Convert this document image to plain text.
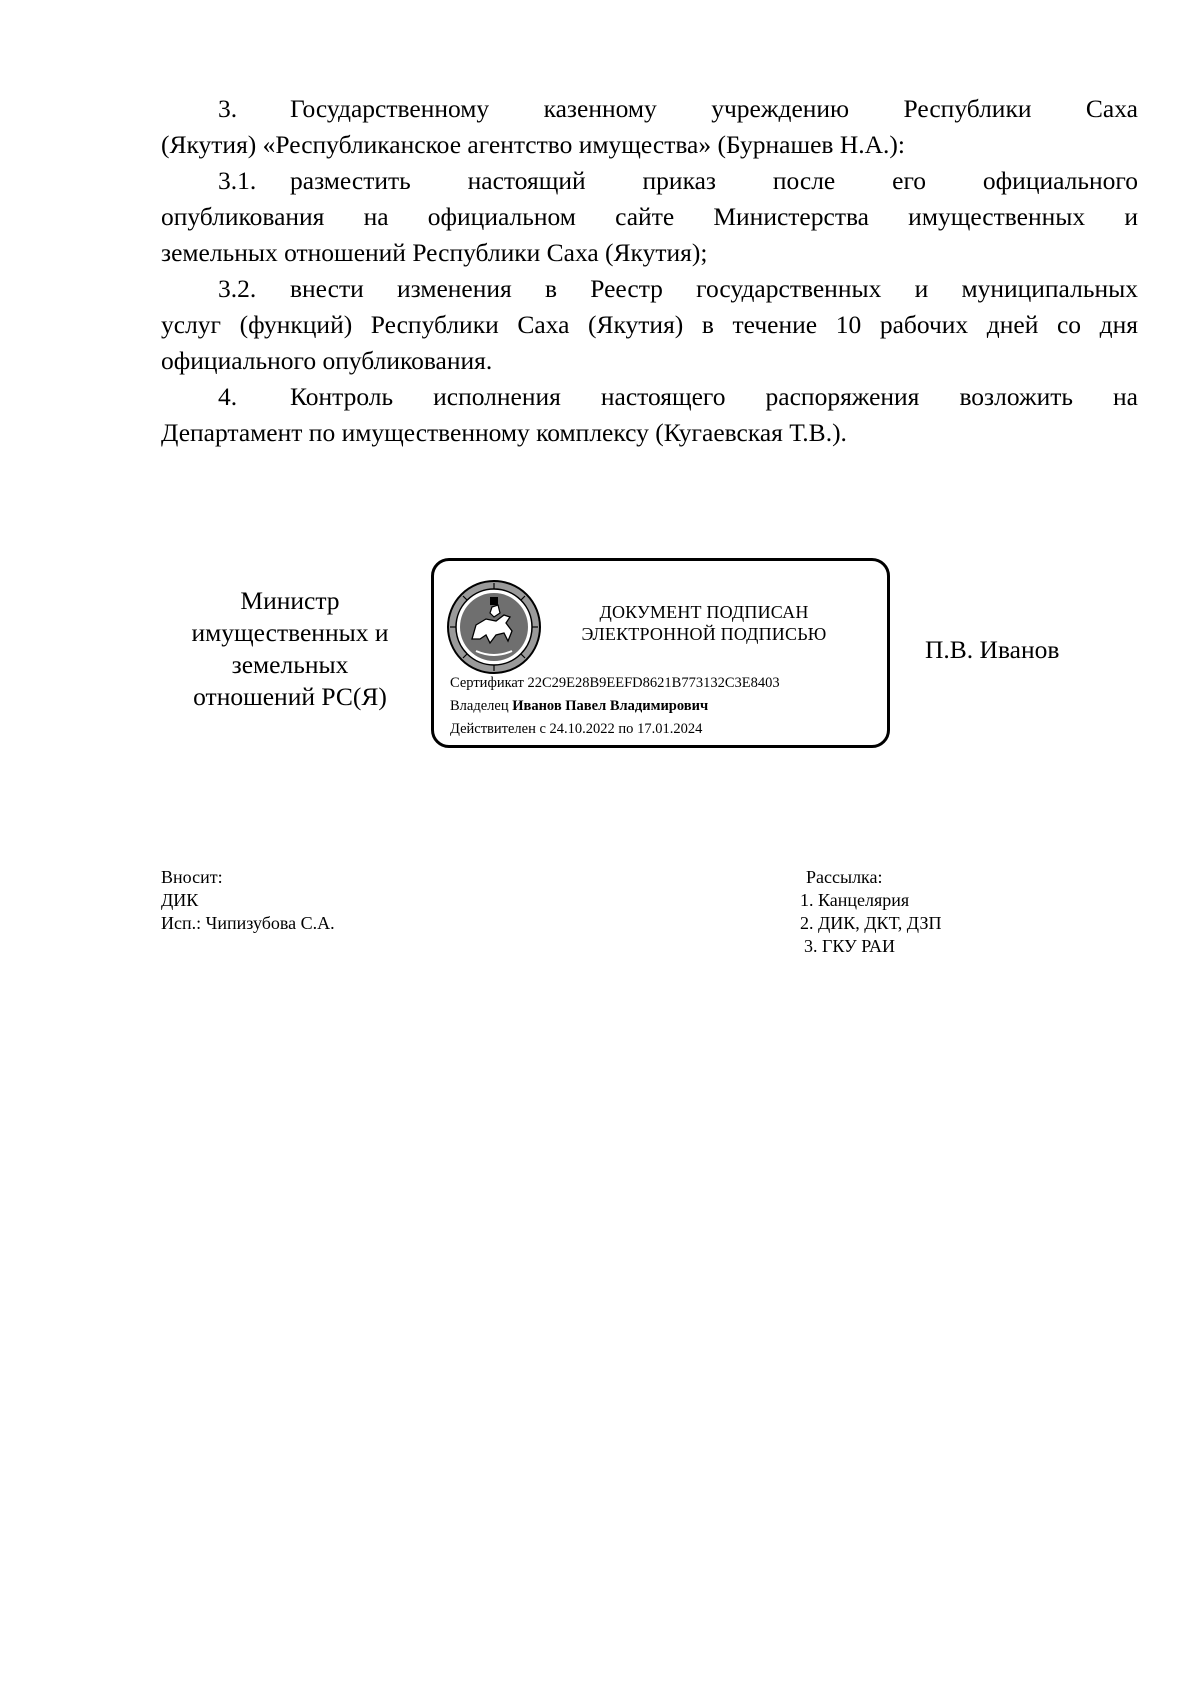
3. Государственному казенному учреждению Республики Саха
(Якутия) «Республиканское агентство имущества» (Бурнашев Н.А.):
3.1. разместить настоящий приказ после его официального
опубликования на официальном сайте Министерства имущественных и
земельных отношений Республики Саха (Якутия);
3.2. внести изменения в Реестр государственных и муниципальных
услуг (функций) Республики Саха (Якутия) в течение 10 рабочих дней со дня
официального опубликования.
4. Контроль исполнения настоящего распоряжения возложить на
Департамент по имущественному комплексу (Кугаевская Т.В.).
Министр
имущественных и
земельных
отношений РС(Я)
ДОКУМЕНТ ПОДПИСАН
ЭЛЕКТРОННОЙ ПОДПИСЬЮ
Сертификат 22C29E28B9EEFD8621B773132C3E8403
Владелец Иванов Павел Владимирович
Действителен с 24.10.2022 по 17.01.2024
П.В. Иванов
Вносит:
ДИК
Исп.: Чипизубова С.А.
Рассылка:
1. Канцелярия
2. ДИК, ДКТ, ДЗП
3. ГКУ РАИ
